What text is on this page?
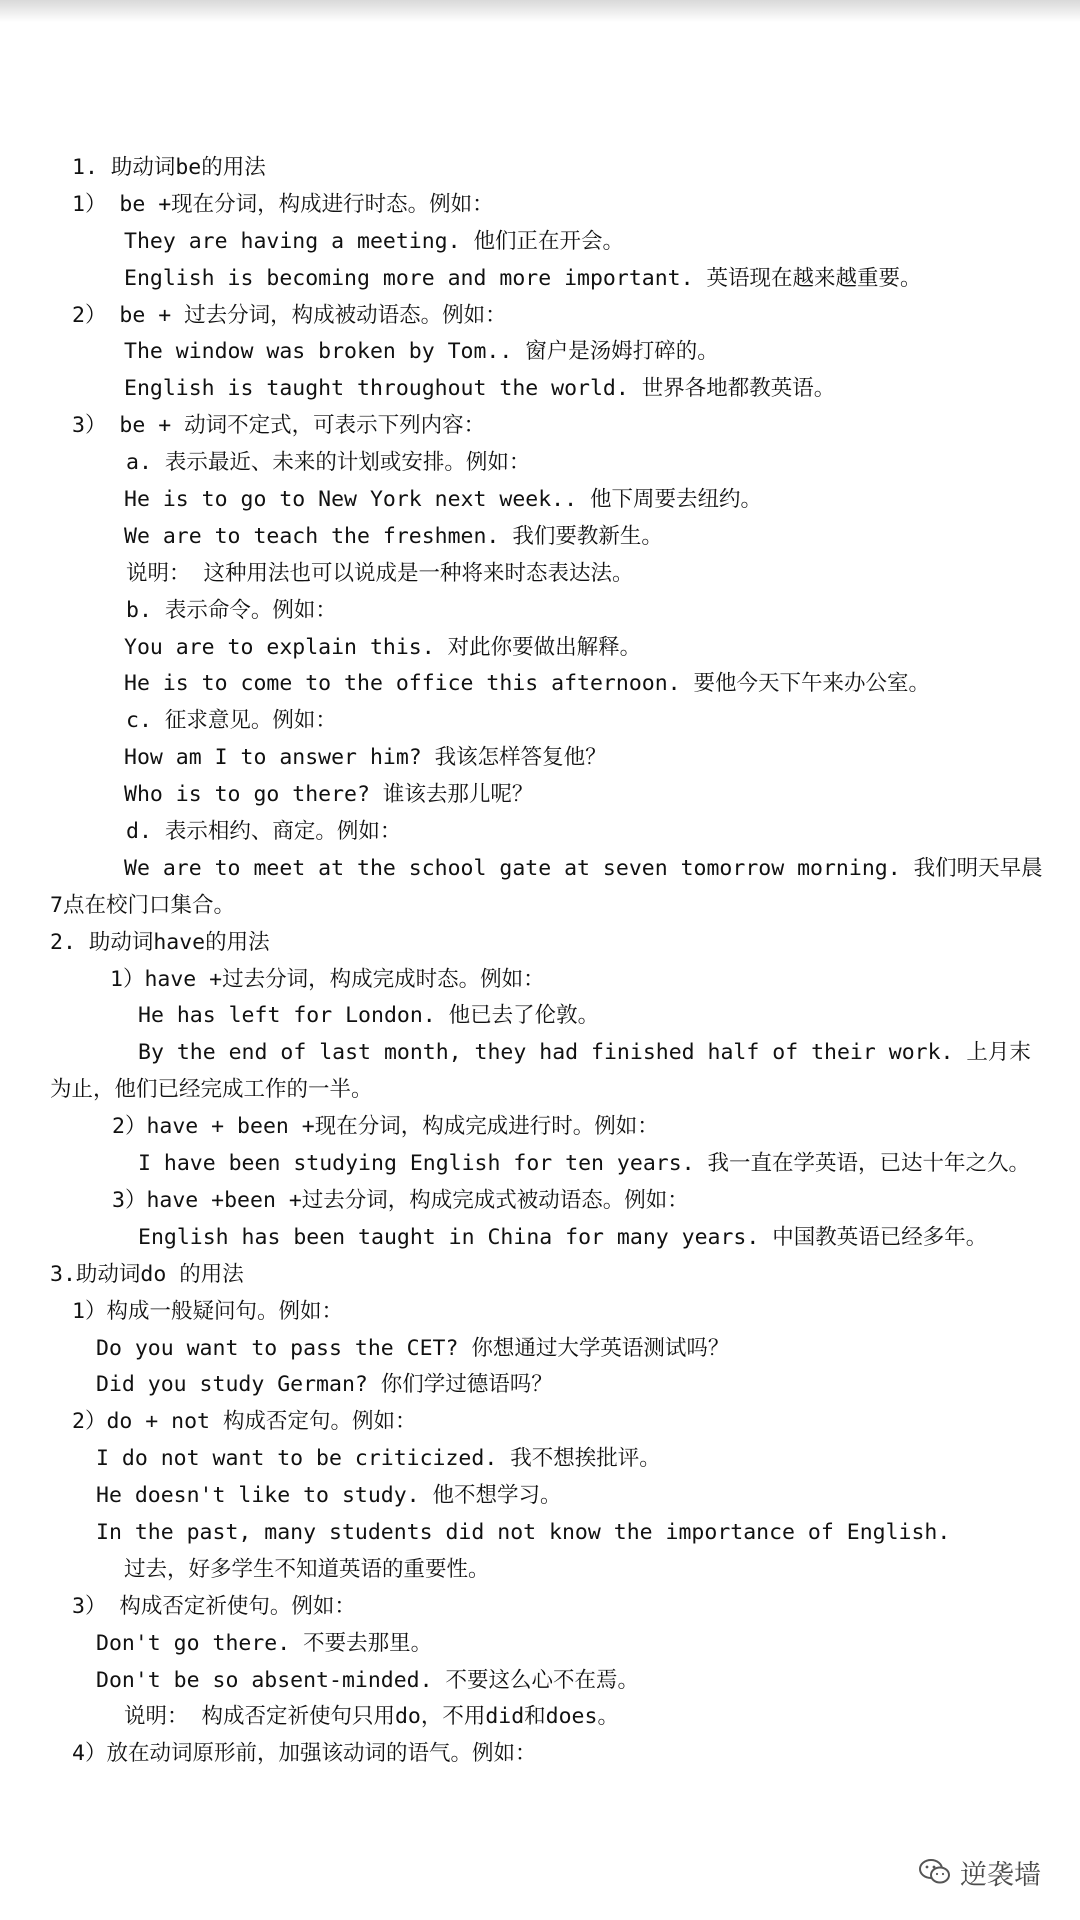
1. 助动词be的用法
1） be +现在分词，构成进行时态。例如：
They are having a meeting. 他们正在开会。
English is becoming more and more important. 英语现在越来越重要。
2） be + 过去分词，构成被动语态。例如：
The window was broken by Tom.. 窗户是汤姆打碎的。
English is taught throughout the world. 世界各地都教英语。
3） be + 动词不定式，可表示下列内容：
a. 表示最近、未来的计划或安排。例如：
He is to go to New York next week.. 他下周要去纽约。
We are to teach the freshmen. 我们要教新生。
说明： 这种用法也可以说成是一种将来时态表达法。
b. 表示命令。例如：
You are to explain this. 对此你要做出解释。
He is to come to the office this afternoon. 要他今天下午来办公室。
c. 征求意见。例如：
How am I to answer him? 我该怎样答复他？
Who is to go there? 谁该去那儿呢？
d. 表示相约、商定。例如：
We are to meet at the school gate at seven tomorrow morning. 我们明天早晨
7点在校门口集合。
2. 助动词have的用法
1）have +过去分词，构成完成时态。例如：
He has left for London. 他已去了伦敦。
By the end of last month, they had finished half of their work. 上月末
为止，他们已经完成工作的一半。
2）have + been +现在分词，构成完成进行时。例如：
I have been studying English for ten years. 我一直在学英语，已达十年之久。
3）have +been +过去分词，构成完成式被动语态。例如：
English has been taught in China for many years. 中国教英语已经多年。
3.助动词do 的用法
1）构成一般疑问句。例如：
Do you want to pass the CET? 你想通过大学英语测试吗？
Did you study German? 你们学过德语吗？
2）do + not 构成否定句。例如：
I do not want to be criticized. 我不想挨批评。
He doesn't like to study. 他不想学习。
In the past, many students did not know the importance of English.
过去，好多学生不知道英语的重要性。
3） 构成否定祈使句。例如：
Don't go there. 不要去那里。
Don't be so absent-minded. 不要这么心不在焉。
说明： 构成否定祈使句只用do，不用did和does。
4）放在动词原形前，加强该动词的语气。例如：
逆袭墙
